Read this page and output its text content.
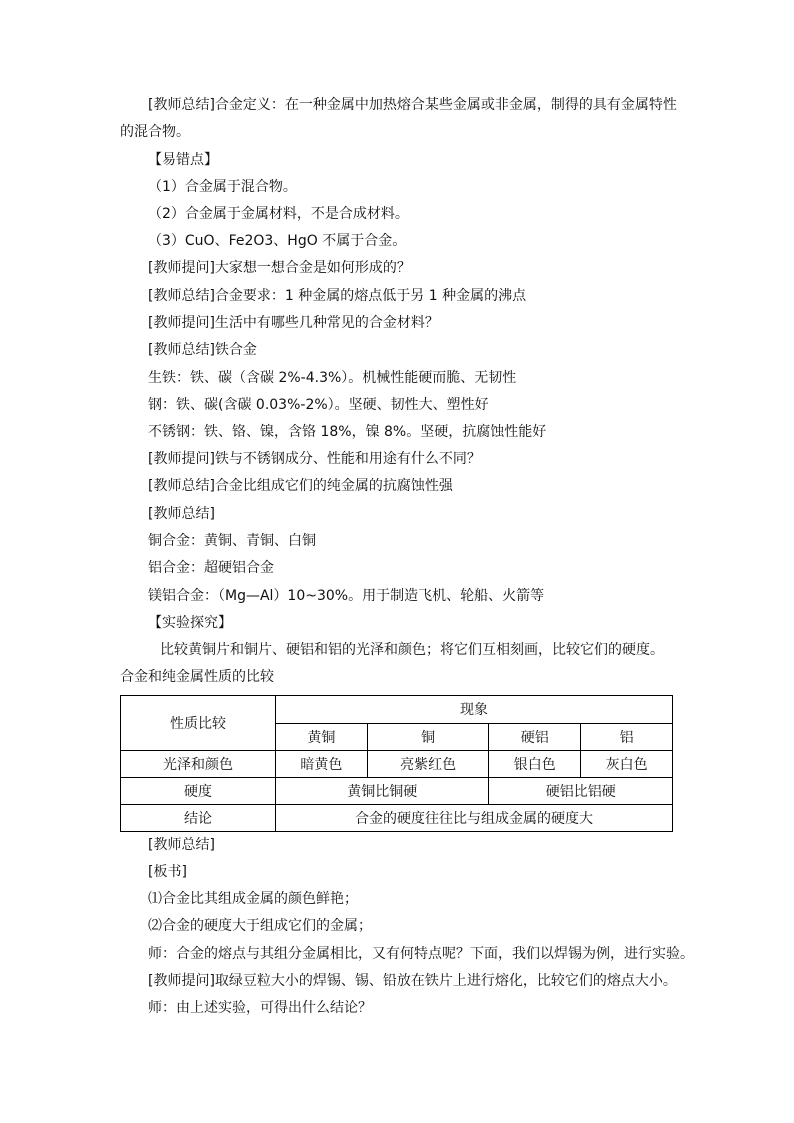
[教师总结]合金定义：在一种金属中加热熔合某些金属或非金属，制得的具有金属特性
的混合物。
【易错点】
（1）合金属于混合物。
（2）合金属于金属材料，不是合成材料。
（3）CuO、Fe2O3、HgO 不属于合金。
[教师提问]大家想一想合金是如何形成的？
[教师总结]合金要求：1 种金属的熔点低于另 1 种金属的沸点
[教师提问]生活中有哪些几种常见的合金材料？
[教师总结]铁合金
生铁：铁、碳（含碳 2%-4.3%）。机械性能硬而脆、无韧性
钢：铁、碳(含碳 0.03%-2%）。坚硬、韧性大、塑性好
不锈钢：铁、铬、镍，含铬 18%，镍 8%。坚硬，抗腐蚀性能好
[教师提问]铁与不锈钢成分、性能和用途有什么不同？
[教师总结]合金比组成它们的纯金属的抗腐蚀性强
[教师总结]
铜合金：黄铜、青铜、白铜
铝合金：超硬铝合金
镁铝合金：（Mg—Al）10~30%。用于制造飞机、轮船、火箭等
【实验探究】
比较黄铜片和铜片、硬铝和铝的光泽和颜色；将它们互相刻画，比较它们的硬度。
合金和纯金属性质的比较
性质比较	现象			
	黄铜	铜	硬铝	铝
光泽和颜色	暗黄色	亮紫红色	银白色	灰白色
硬度	黄铜比铜硬		硬铝比铝硬	
结论	合金的硬度往往比与组成金属的硬度大			
[教师总结]
[板书]
⑴合金比其组成金属的颜色鲜艳；
⑵合金的硬度大于组成它们的金属；
师：合金的熔点与其组分金属相比，又有何特点呢？下面，我们以焊锡为例，进行实验。
[教师提问]取绿豆粒大小的焊锡、锡、铅放在铁片上进行熔化，比较它们的熔点大小。
师：由上述实验，可得出什么结论？
